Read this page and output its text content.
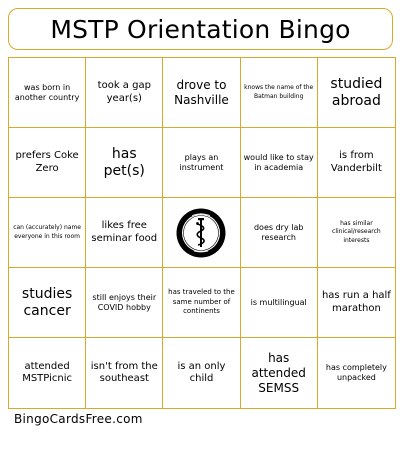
MSTP Orientation Bingo
was born in another country
took a gap year(s)
drove to Nashville
knows the name of the Batman building
studied abroad
prefers Coke Zero
has pet(s)
plays an instrument
would like to stay in academia
is from Vanderbilt
can (accurately) name everyone in this room
likes free seminar food
does dry lab research
has similar clinical/research interests
studies cancer
still enjoys their COVID hobby
has traveled to the same number of continents
is multilingual
has run a half marathon
attended MSTPicnic
isn't from the southeast
is an only child
has attended SEMSS
has completely unpacked
BingoCardsFree.com
